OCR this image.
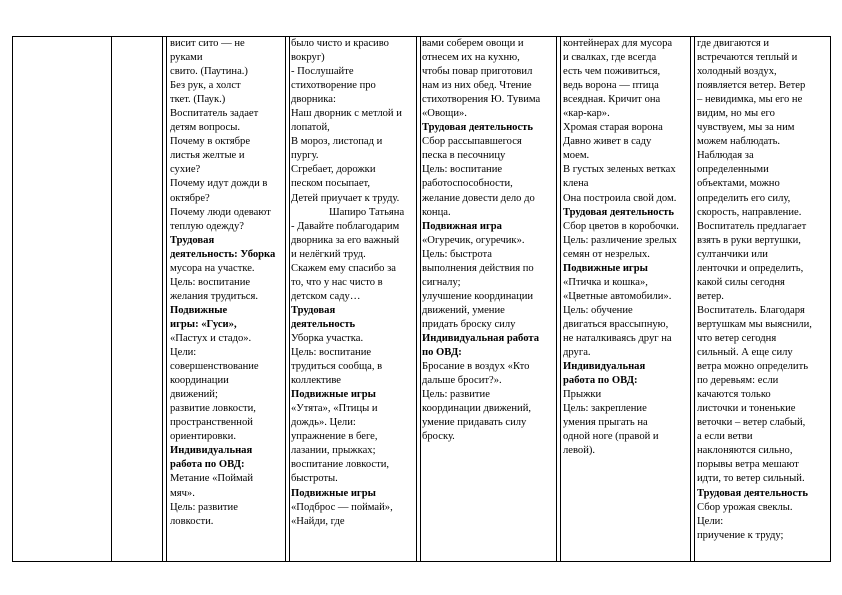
висит сито — не
руками
свито. (Паутина.)
Без рук, а холст
ткет. (Паук.)
Воспитатель задает
детям вопросы.
Почему в октябре
листья желтые и
сухие?
Почему идут дожди в
октябре?
Почему люди одевают
теплую одежду?
Трудовая
деятельность: Уборка
мусора на участке.
Цель: воспитание
желания трудиться.
Подвижные
игры: «Гуси»,
«Пастух и стадо».
Цели:
совершенствование
координации
движений;
развитие ловкости,
пространственной
ориентировки.
Индивидуальная
работа по ОВД:
Метание «Поймай
мяч».
Цель: развитие
ловкости.
было чисто и красиво
вокруг)
- Послушайте
стихотворение про
дворника:
Наш дворник с метлой и
лопатой,
В мороз, листопад и
пургу.
Сгребает, дорожки
песком посыпает,
Детей приучает к труду.
Шапиро Татьяна
- Давайте поблагодарим
дворника за его важный
и нелёгкий труд.
Скажем ему спасибо за
то, что у нас чисто в
детском саду…
Трудовая
деятельность
Уборка участка.
Цель: воспитание
трудиться сообща, в
коллективе
Подвижные игры
«Утята», «Птицы и
дождь». Цели:
упражнение в беге,
лазании, прыжках;
воспитание ловкости,
быстроты.
Подвижные игры
«Подброс — поймай»,
«Найди, где
вами соберем овощи и
отнесем их на кухню,
чтобы повар приготовил
нам из них обед. Чтение
стихотворения Ю. Тувима
«Овощи».
Трудовая деятельность
Сбор рассыпавшегося
песка в песочницу
Цель: воспитание
работоспособности,
желание довести дело до
конца.
Подвижная игра
«Огуречик, огуречик».
Цель: быстрота
выполнения действия по
сигналу;
улучшение координации
движений, умение
придать броску силу
Индивидуальная работа
по ОВД:
Бросание в воздух «Кто
дальше бросит?».
Цель: развитие
координации движений,
умение придавать силу
броску.
контейнерах для мусора
и свалках, где всегда
есть чем поживиться,
ведь ворона — птица
всеядная. Кричит она
«кар-кар».
Хромая старая ворона
Давно живет в саду
моем.
В густых зеленых ветках
клена
Она построила свой дом.
Трудовая деятельность
Сбор цветов в коробочки.
Цель: различение зрелых
семян от незрелых.
Подвижные игры
«Птичка и кошка»,
«Цветные автомобили».
Цель: обучение
двигаться врассыпную,
не наталкиваясь друг на
друга.
Индивидуальная
работа по ОВД:
Прыжки
Цель: закрепление
умения прыгать на
одной ноге (правой и
левой).
где двигаются и
встречаются теплый и
холодный воздух,
появляется ветер. Ветер
– невидимка, мы его не
видим, но мы его
чувствуем, мы за ним
можем наблюдать.
Наблюдая за
определенными
объектами, можно
определить его силу,
скорость, направление.
Воспитатель предлагает
взять в руки вертушки,
султанчики или
ленточки и определить,
какой силы сегодня
ветер.
Воспитатель. Благодаря
вертушкам мы выяснили,
что ветер сегодня
сильный. А еще силу
ветра можно определить
по деревьям: если
качаются только
листочки и тоненькие
веточки – ветер слабый,
а если ветви
наклоняются сильно,
порывы ветра мешают
идти, то ветер сильный.
Трудовая деятельность
Сбор урожая свеклы.
Цели:
приучение к труду;
